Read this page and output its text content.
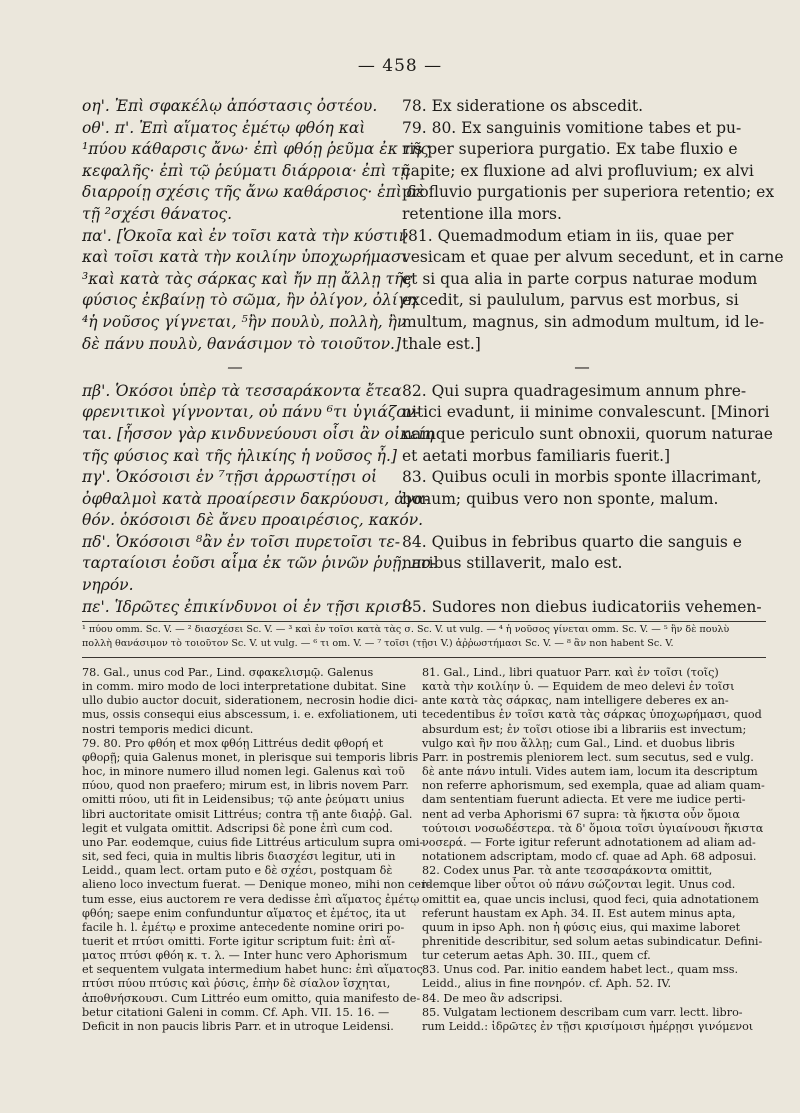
— 458 —
οη'. Ἐπὶ σφακέλῳ ἀπόστασις ὀστέου.
οθ'. π'. Ἐπὶ αἵματος ἐμέτῳ φθόη καὶ
¹πύου κάθαρσις ἄνω· ἐπὶ φθόῃ ῥεῦμα ἐκ τῆς
κεφαλῆς· ἐπὶ τῷ ῥεύματι διάρροια· ἐπὶ τῇ
διαρροίῃ σχέσις τῆς ἄνω καθάρσιος· ἐπὶ δὲ
τῇ ²σχέσι θάνατος.
πα'. [Ὁκοῖα καὶ ἐν τοῖσι κατὰ τὴν κύστιν
καὶ τοῖσι κατὰ τὴν κοιλίην ὑποχωρήμασι
³καὶ κατὰ τὰς σάρκας καὶ ἤν πῃ ἄλλῃ τῆς
φύσιος ἐκβαίνῃ τὸ σῶμα, ἢν ὀλίγον, ὀλίγη
⁴ἡ νοῦσος γίγνεται, ⁵ἢν πουλὺ, πολλὴ, ἢν
δὲ πάνυ πουλὺ, θανάσιμον τὸ τοιοῦτον.]
—
πβ'. Ὁκόσοι ὑπὲρ τὰ τεσσαράκοντα ἔτεα
φρενιτικοὶ γίγνονται, οὐ πάνυ ⁶τι ὑγιάζον-
ται. [ἧσσον γὰρ κινδυνεύουσι οἷσι ἂν οἰκείη
τῆς φύσιος καὶ τῆς ἡλικίης ἡ νοῦσος ἦ.]
πγ'. Ὁκόσοισι ἐν ⁷τῇσι ἀρρωστίῃσι οἱ
ὀφθαλμοὶ κατὰ προαίρεσιν δακρύουσι, ἀγα-
θόν. ὁκόσοισι δὲ ἄνευ προαιρέσιος, κακόν.
πδ'. Ὁκόσοισι ⁸ἂν ἐν τοῖσι πυρετοῖσι τε-
ταρταίοισι ἐοῦσι αἷμα ἐκ τῶν ῥινῶν ῥυῇ, πο-
νηρόν.
πε'. Ἱδρῶτες ἐπικίνδυνοι οἱ ἐν τῇσι κρισί-
78. Ex sideratione os abscedit.
79. 80. Ex sanguinis vomitione tabes et pu-
ris per superiora purgatio. Ex tabe fluxio e
capite; ex fluxione ad alvi profluvium; ex alvi
profluvio purgationis per superiora retentio; ex
retentione illa mors.
[81. Quemadmodum etiam in iis, quae per
vesicam et quae per alvum secedunt, et in carne
et si qua alia in parte corpus naturae modum
excedit, si paululum, parvus est morbus, si
multum, magnus, sin admodum multum, id le-
thale est.]
—
82. Qui supra quadragesimum annum phre-
nitici evadunt, ii minime convalescunt. [Minori
namque periculo sunt obnoxii, quorum naturae
et aetati morbus familiaris fuerit.]
83. Quibus oculi in morbis sponte illacrimant,
bonum; quibus vero non sponte, malum.
84. Quibus in febribus quarto die sanguis e
naribus stillaverit, malo est.
85. Sudores non diebus iudicatoriis vehemen-
¹ πύου omm. Sc. V. — ² διασχέσει Sc. V. — ³ καὶ ἐν τοῖσι κατὰ τὰς σ. Sc. V. ut vulg. — ⁴ ἡ νοῦσος γίνεται omm. Sc. V. — ⁵ ἢν δὲ πουλὺ
πολλὴ θανάσιμον τὸ τοιοῦτον Sc. V. ut vulg. — ⁶ τι om. V. — ⁷ τοῖσι (τῇσι V.) ἀῤῥωστήμασι Sc. V. — ⁸ ἂν non habent Sc. V.
78. Gal., unus cod Par., Lind. σφακελισμῷ. Galenus
in comm. miro modo de loci interpretatione dubitat. Sine
ullo dubio auctor docuit, siderationem, necrosin hodie dici-
mus, ossis consequi eius abscessum, i. e. exfoliationem, uti
nostri temporis medici dicunt.
79. 80. Pro φθόη et mox φθόῃ Littréus dedit φθορή et
φθορῇ; quia Galenus monet, in plerisque sui temporis libris
hoc, in minore numero illud nomen legi. Galenus καὶ τοῦ
πύου, quod non praefero; mirum est, in libris novem Parr.
omitti πύου, uti fit in Leidensibus; τῷ ante ῥεύματι unius
libri auctoritate omisit Littréus; contra τῇ ante διαῤῥ. Gal.
legit et vulgata omittit. Adscripsi δὲ pone ἐπὶ cum cod.
uno Par. eodemque, cuius fide Littréus articulum supra omi-
sit, sed feci, quia in multis libris διασχέσι legitur, uti in
Leidd., quam lect. ortam puto e δὲ σχέσι, postquam δὲ
alieno loco invectum fuerat. — Denique moneo, mihi non cer-
tum esse, eius auctorem re vera dedisse ἐπὶ αἵματος ἐμέτῳ
φθόη; saepe enim confunduntur αἵματος et ἐμέτος, ita ut
facile h. l. ἐμέτῳ e proxime antecedente nomine oriri po-
tuerit et πτύσι omitti. Forte igitur scriptum fuit: ἐπὶ αἵ-
ματος πτύσι φθόη κ. τ. λ. — Inter hunc vero Aphorismum
et sequentem vulgata intermedium habet hunc: ἐπὶ αἵματος
πτύσι πύου πτύσις καὶ ῥύσις, ἐπὴν δὲ σίαλον ἴσχηται,
ἀποθνήσκουσι. Cum Littréo eum omitto, quia manifesto de-
betur citationi Galeni in comm. Cf. Aph. VII. 15. 16. —
Deficit in non paucis libris Parr. et in utroque Leidensi.
81. Gal., Lind., libri quatuor Parr. καὶ ἐν τοῖσι (τοῖς)
κατὰ τὴν κοιλίην ὑ. — Equidem de meo delevi ἐν τοῖσι
ante κατὰ τὰς σάρκας, nam intelligere deberes ex an-
tecedentibus ἐν τοῖσι κατὰ τὰς σάρκας ὑποχωρήμασι, quod
absurdum est; ἐν τοῖσι otiose ibi a librariis est invectum;
vulgo καὶ ἢν που ἄλλῃ; cum Gal., Lind. et duobus libris
Parr. in postremis pleniorem lect. sum secutus, sed e vulg.
δὲ ante πάνυ intuli. Vides autem iam, locum ita descriptum
non referre aphorismum, sed exempla, quae ad aliam quam-
dam sententiam fuerunt adiecta. Et vere me iudice perti-
nent ad verba Aphorismi 67 supra: τὰ ἥκιστα οὖν ὅμοια
τούτοισι νοσωδέστερα. τὰ δ' ὅμοια τοῖσι ὑγιαίνουσι ἥκιστα
νοσερά. — Forte igitur referunt adnotationem ad aliam ad-
notationem adscriptam, modo cf. quae ad Aph. 68 adposui.
82. Codex unus Par. τὰ ante τεσσαράκοντα omittit,
idemque liber οὗτοι οὐ πάνυ σώζονται legit. Unus cod.
omittit ea, quae uncis inclusi, quod feci, quia adnotationem
referunt haustam ex Aph. 34. II. Est autem minus apta,
quum in ipso Aph. non ἡ φύσις eius, qui maxime laboret
phrenitide describitur, sed solum aetas subindicatur. Defini-
tur ceterum aetas Aph. 30. III., quem cf.
83. Unus cod. Par. initio eandem habet lect., quam mss.
Leidd., alius in fine πονηρόν. cf. Aph. 52. IV.
84. De meo ἂν adscripsi.
85. Vulgatam lectionem describam cum varr. lectt. libro-
rum Leidd.: ἱδρῶτες ἐν τῇσι κρισίμοισι ἡμέρῃσι γινόμενοι
